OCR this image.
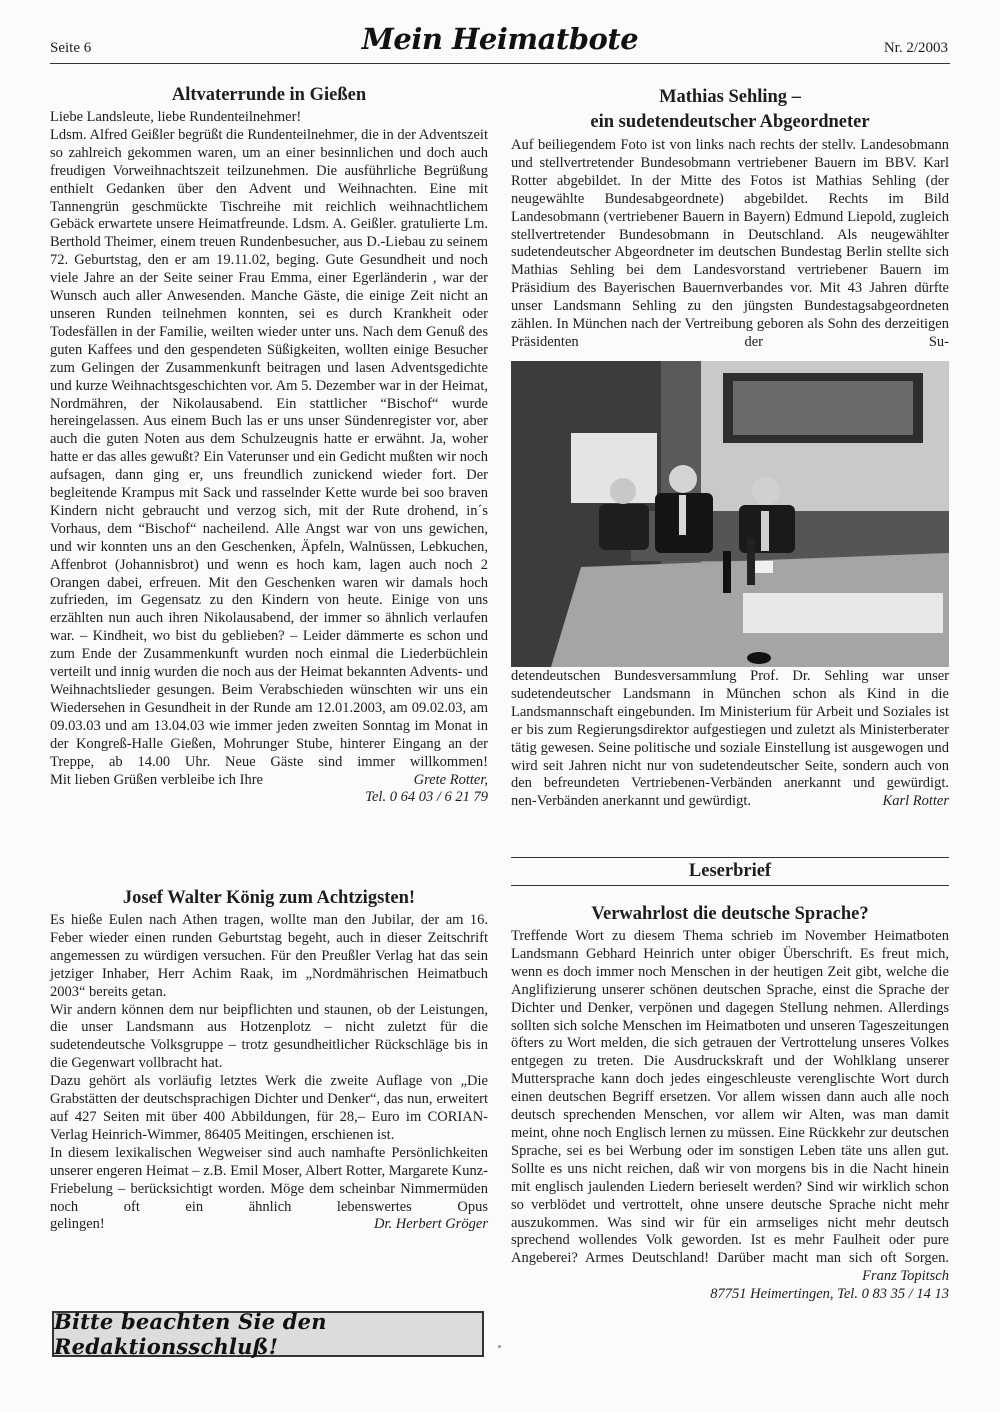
Seite 6	Mein Heimatbote	Nr. 2/2003
Altvaterrunde in Gießen

Liebe Landsleute, liebe Rundenteilnehmer!

Ldsm. Alfred Geißler begrüßt die Rundenteilnehmer, die in der Adventszeit so zahlreich gekommen waren, um an einer besinnlichen und doch auch freudigen Vorweihnachtszeit teilzunehmen. Die ausführliche Begrüßung enthielt Gedanken über den Advent und Weihnachten. Eine mit Tannengrün geschmückte Tischreihe mit reichlich weihnachtlichem Gebäck erwartete unsere Heimatfreunde. Ldsm. A. Geißler. gratulierte Lm. Berthold Theimer, einem treuen Rundenbesucher, aus D.-Liebau zu seinem 72. Geburtstag, den er am 19.11.02, beging. Gute Gesundheit und noch viele Jahre an der Seite seiner Frau Emma, einer Egerländerin , war der Wunsch auch aller Anwesenden. Manche Gäste, die einige Zeit nicht an unseren Runden teilnehmen konnten, sei es durch Krankheit oder Todesfällen in der Familie, weilten wieder unter uns. Nach dem Genuß des guten Kaffees und den gespendeten Süßigkeiten, wollten einige Besucher zum Gelingen der Zusammenkunft beitragen und lasen Adventsgedichte und kurze Weihnachtsgeschichten vor. Am 5. Dezember war in der Heimat, Nordmähren, der Nikolausabend. Ein stattlicher “Bischof“ wurde hereingelassen. Aus einem Buch las er uns unser Sündenregister vor, aber auch die guten Noten aus dem Schulzeugnis hatte er erwähnt. Ja, woher hatte er das alles gewußt? Ein Vaterunser und ein Gedicht mußten wir noch aufsagen, dann ging er, uns freundlich zunickend wieder fort. Der begleitende Krampus mit Sack und rasselnder Kette wurde bei soo braven Kindern nicht gebraucht und verzog sich, mit der Rute drohend, in´s Vorhaus, dem “Bischof“ nacheilend. Alle Angst war von uns gewichen, und wir konnten uns an den Geschenken, Äpfeln, Walnüssen, Lebkuchen, Affenbrot (Johannisbrot) und wenn es hoch kam, lagen auch noch 2 Orangen dabei, erfreuen. Mit den Geschenken waren wir damals hoch zufrieden, im Gegensatz zu den Kindern von heute. Einige von uns erzählten nun auch ihren Nikolausabend, der immer so ähnlich verlaufen war. – Kindheit, wo bist du geblieben? – Leider dämmerte es schon und zum Ende der Zusammenkunft wurden noch einmal die Liederbüchlein verteilt und innig wurden die noch aus der Heimat bekannten Advents- und Weihnachtslieder gesungen. Beim Verabschieden wünschten wir uns ein Wiedersehen in Gesundheit in der Runde am 12.01.2003, am 09.02.03, am 09.03.03 und am 13.04.03 wie immer jeden zweiten Sonntag im Monat in der Kongreß-Halle Gießen, Mohrunger Stube, hinterer Eingang an der Treppe, ab 14.00 Uhr. Neue Gäste sind immer willkommen!

Mit lieben Grüßen verbleibe ich Ihre	Grete Rotter,
Tel. 0 64 03 / 6 21 79
Josef Walter König zum Achtzigsten!

Es hieße Eulen nach Athen tragen, wollte man den Jubilar, der am 16. Feber wieder einen runden Geburtstag begeht, auch in dieser Zeitschrift angemessen zu würdigen versuchen. Für den Preußler Verlag hat das sein jetziger Inhaber, Herr Achim Raak, im „Nordmährischen Heimatbuch 2003“ bereits getan.

Wir andern können dem nur beipflichten und staunen, ob der Leistungen, die unser Landsmann aus Hotzenplotz – nicht zuletzt für die sudetendeutsche Volksgruppe – trotz gesundheitlicher Rückschläge bis in die Gegenwart vollbracht hat.

Dazu gehört als vorläufig letztes Werk die zweite Auflage von „Die Grabstätten der deutschsprachigen Dichter und Denker“, das nun, erweitert auf 427 Seiten mit über 400 Abbildungen, für 28,– Euro im CORIAN-Verlag Heinrich-Wimmer, 86405 Meitingen, erschienen ist.

In diesem lexikalischen Wegweiser sind auch namhafte Persönlichkeiten unserer engeren Heimat – z.B. Emil Moser, Albert Rotter, Margarete Kunz-Friebelung – berücksichtigt worden. Möge dem scheinbar Nimmermüden noch oft ein ähnlich lebenswertes Opus

gelingen!	Dr. Herbert Gröger
Bitte beachten Sie den Redaktionsschluß!
Mathias Sehling –
ein sudetendeutscher Abgeordneter

Auf beiliegendem Foto ist von links nach rechts der stellv. Landesobmann und stellvertretender Bundesobmann vertriebener Bauern im BBV. Karl Rotter abgebildet. In der Mitte des Fotos ist Mathias Sehling (der neugewählte Bundesabgeordnete) abgebildet. Rechts im Bild Landesobmann (vertriebener Bauern in Bayern) Edmund Liepold, zugleich stellvertretender Bundesobmann in Deutschland. Als neugewählter sudetendeutscher Abgeordneter im deutschen Bundestag Berlin stellte sich Mathias Sehling bei dem Landesvorstand vertriebener Bauern im Präsidium des Bayerischen Bauernverbandes vor. Mit 43 Jahren dürfte unser Landsmann Sehling zu den jüngsten Bundestagsabgeordneten zählen. In München nach der Vertreibung geboren als Sohn des derzeitigen Präsidenten der Su-

detendeutschen Bundesversammlung Prof. Dr. Sehling war unser sudetendeutscher Landsmann in München schon als Kind in die Landsmannschaft eingebunden. Im Ministerium für Arbeit und Soziales ist er bis zum Regierungsdirektor aufgestiegen und zuletzt als Ministerberater tätig gewesen. Seine politische und soziale Einstellung ist ausgewogen und wird seit Jahren nicht nur von sudetendeutscher Seite, sondern auch von den befreundeten Vertriebenen-Verbänden anerkannt und gewürdigt.

nen-Verbänden anerkannt und gewürdigt.	Karl Rotter
Leserbrief
Verwahrlost die deutsche Sprache?

Treffende Wort zu diesem Thema schrieb im November Heimatboten Landsmann Gebhard Heinrich unter obiger Überschrift. Es freut mich, wenn es doch immer noch Menschen in der heutigen Zeit gibt, welche die Anglifizierung unserer schönen deutschen Sprache, einst die Sprache der Dichter und Denker, verpönen und dagegen Stellung nehmen. Allerdings sollten sich solche Menschen im Heimatboten und unseren Tageszeitungen öfters zu Wort melden, die sich getrauen der Vertrottelung unseres Volkes entgegen zu treten. Die Ausdruckskraft und der Wohlklang unserer Muttersprache kann doch jedes eingeschleuste verenglischte Wort durch einen deutschen Begriff ersetzen. Vor allem wissen dann auch alle noch deutsch sprechenden Menschen, vor allem wir Alten, was man damit meint, ohne noch Englisch lernen zu müssen. Eine Rückkehr zur deutschen Sprache, sei es bei Werbung oder im sonstigen Leben täte uns allen gut. Sollte es uns nicht reichen, daß wir von morgens bis in die Nacht hinein mit englisch jaulenden Liedern berieselt werden? Sind wir wirklich schon so verblödet und vertrottelt, ohne unsere deutsche Sprache nicht mehr auszukommen. Was sind wir für ein armseliges nicht mehr deutsch sprechend wollendes Volk geworden. Ist es mehr Faulheit oder pure Angeberei? Armes Deutschland! Darüber macht man sich oft Sorgen.

Franz Topitsch
87751 Heimertingen, Tel. 0 83 35 / 14 13
